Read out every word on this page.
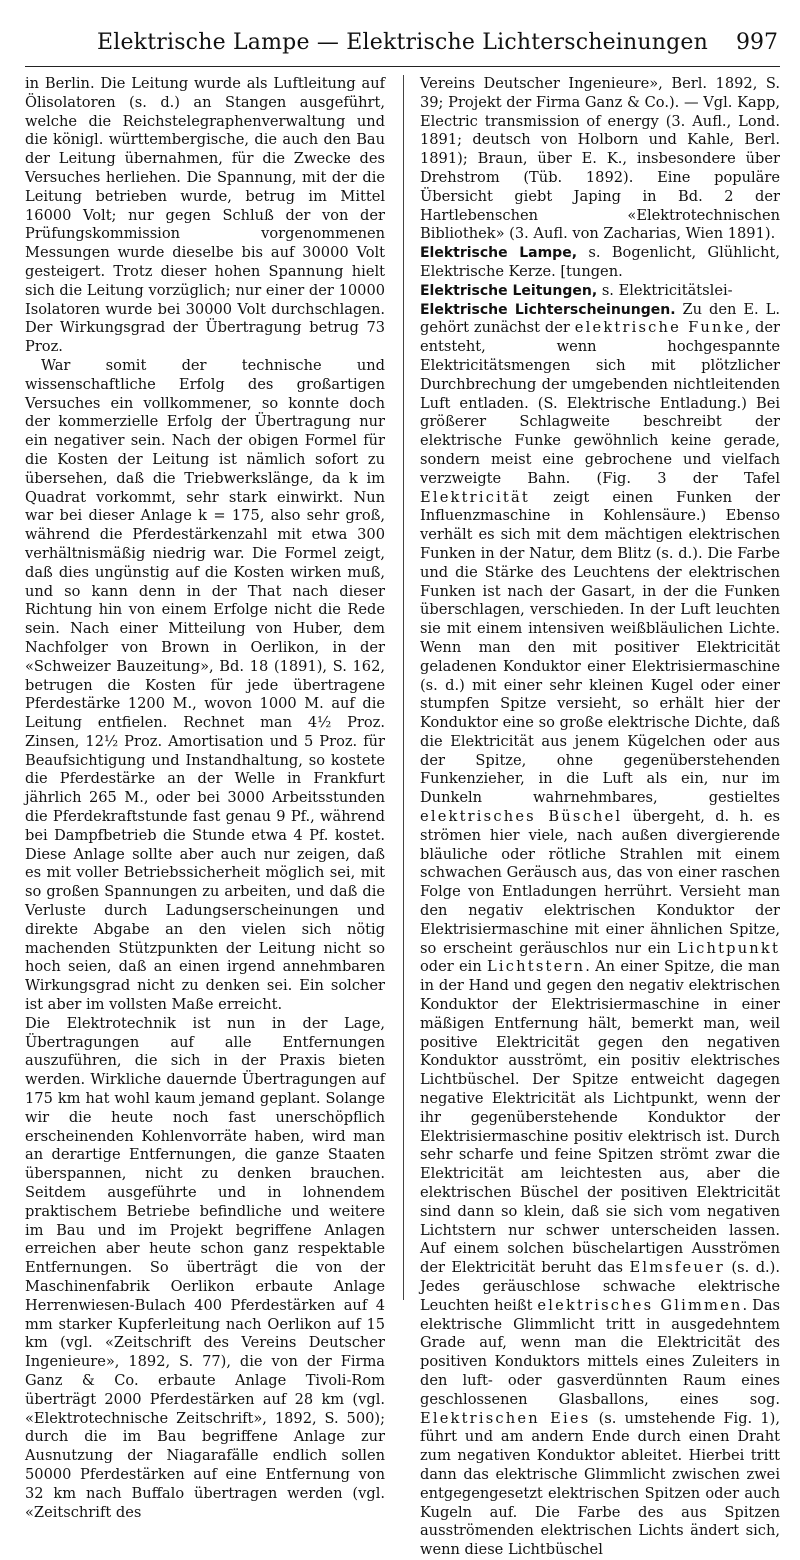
Elektrische Lampe — Elektrische Lichterscheinungen	997

in Berlin. Die Leitung wurde als Luftleitung auf Ölisolatoren (s. d.) an Stangen ausgeführt, welche die Reichstelegraphenverwaltung und die königl. württembergische, die auch den Bau der Leitung übernahmen, für die Zwecke des Versuches herliehen. Die Spannung, mit der die Leitung betrieben wurde, betrug im Mittel 16000 Volt; nur gegen Schluß der von der Prüfungskommission vorgenommenen Messungen wurde dieselbe bis auf 30000 Volt gesteigert. Trotz dieser hohen Spannung hielt sich die Leitung vorzüglich; nur einer der 10000 Isolatoren wurde bei 30000 Volt durchschlagen. Der Wirkungsgrad der Übertragung betrug 73 Proz.

War somit der technische und wissenschaftliche Erfolg des großartigen Versuches ein vollkommener, so konnte doch der kommerzielle Erfolg der Übertragung nur ein negativer sein. Nach der obigen Formel für die Kosten der Leitung ist nämlich sofort zu übersehen, daß die Triebwerkslänge, da k im Quadrat vorkommt, sehr stark einwirkt. Nun war bei dieser Anlage k = 175, also sehr groß, während die Pferdestärkenzahl mit etwa 300 verhältnismäßig niedrig war. Die Formel zeigt, daß dies ungünstig auf die Kosten wirken muß, und so kann denn in der That nach dieser Richtung hin von einem Erfolge nicht die Rede sein. Nach einer Mitteilung von Huber, dem Nachfolger von Brown in Oerlikon, in der «Schweizer Bauzeitung», Bd. 18 (1891), S. 162, betrugen die Kosten für jede übertragene Pferdestärke 1200 M., wovon 1000 M. auf die Leitung entfielen. Rechnet man 4½ Proz. Zinsen, 12½ Proz. Amortisation und 5 Proz. für Beaufsichtigung und Instandhaltung, so kostete die Pferdestärke an der Welle in Frankfurt jährlich 265 M., oder bei 3000 Arbeitsstunden die Pferdekraftstunde fast genau 9 Pf., während bei Dampfbetrieb die Stunde etwa 4 Pf. kostet. Diese Anlage sollte aber auch nur zeigen, daß es mit voller Betriebssicherheit möglich sei, mit so großen Spannungen zu arbeiten, und daß die Verluste durch Ladungserscheinungen und direkte Abgabe an den vielen sich nötig machenden Stützpunkten der Leitung nicht so hoch seien, daß an einen irgend annehmbaren Wirkungsgrad nicht zu denken sei. Ein solcher ist aber im vollsten Maße erreicht.

Die Elektrotechnik ist nun in der Lage, Übertragungen auf alle Entfernungen auszuführen, die sich in der Praxis bieten werden. Wirkliche dauernde Übertragungen auf 175 km hat wohl kaum jemand geplant. Solange wir die heute noch fast unerschöpflich erscheinenden Kohlenvorräte haben, wird man an derartige Entfernungen, die ganze Staaten überspannen, nicht zu denken brauchen. Seitdem ausgeführte und in lohnendem praktischem Betriebe befindliche und weitere im Bau und im Projekt begriffene Anlagen erreichen aber heute schon ganz respektable Entfernungen. So überträgt die von der Maschinenfabrik Oerlikon erbaute Anlage Herrenwiesen-Bulach 400 Pferdestärken auf 4 mm starker Kupferleitung nach Oerlikon auf 15 km (vgl. «Zeitschrift des Vereins Deutscher Ingenieure», 1892, S. 77), die von der Firma Ganz & Co. erbaute Anlage Tivoli-Rom überträgt 2000 Pferdestärken auf 28 km (vgl. «Elektrotechnische Zeitschrift», 1892, S. 500); durch die im Bau begriffene Anlage zur Ausnutzung der Niagarafälle endlich sollen 50000 Pferdestärken auf eine Entfernung von 32 km nach Buffalo übertragen werden (vgl. «Zeitschrift des

Vereins Deutscher Ingenieure», Berl. 1892, S. 39; Projekt der Firma Ganz & Co.). — Vgl. Kapp, Electric transmission of energy (3. Aufl., Lond. 1891; deutsch von Holborn und Kahle, Berl. 1891); Braun, über E. K., insbesondere über Drehstrom (Tüb. 1892). Eine populäre Übersicht giebt Japing in Bd. 2 der Hartlebenschen «Elektrotechnischen Bibliothek» (3. Aufl. von Zacharias, Wien 1891).

Elektrische Lampe, s. Bogenlicht, Glühlicht, Elektrische Kerze. [tungen.

Elektrische Leitungen, s. Elektricitätslei-

Elektrische Lichterscheinungen. Zu den E. L. gehört zunächst der elektrische Funke, der entsteht, wenn hochgespannte Elektricitätsmengen sich mit plötzlicher Durchbrechung der umgebenden nichtleitenden Luft entladen. (S. Elektrische Entladung.) Bei größerer Schlagweite beschreibt der elektrische Funke gewöhnlich keine gerade, sondern meist eine gebrochene und vielfach verzweigte Bahn. (Fig. 3 der Tafel Elektricität zeigt einen Funken der Influenzmaschine in Kohlensäure.) Ebenso verhält es sich mit dem mächtigen elektrischen Funken in der Natur, dem Blitz (s. d.). Die Farbe und die Stärke des Leuchtens der elektrischen Funken ist nach der Gasart, in der die Funken überschlagen, verschieden. In der Luft leuchten sie mit einem intensiven weißbläulichen Lichte. Wenn man den mit positiver Elektricität geladenen Konduktor einer Elektrisiermaschine (s. d.) mit einer sehr kleinen Kugel oder einer stumpfen Spitze versieht, so erhält hier der Konduktor eine so große elektrische Dichte, daß die Elektricität aus jenem Kügelchen oder aus der Spitze, ohne gegenüberstehenden Funkenzieher, in die Luft als ein, nur im Dunkeln wahrnehmbares, gestieltes elektrisches Büschel übergeht, d. h. es strömen hier viele, nach außen divergierende bläuliche oder rötliche Strahlen mit einem schwachen Geräusch aus, das von einer raschen Folge von Entladungen herrührt. Versieht man den negativ elektrischen Konduktor der Elektrisiermaschine mit einer ähnlichen Spitze, so erscheint geräuschlos nur ein Lichtpunkt oder ein Lichtstern. An einer Spitze, die man in der Hand und gegen den negativ elektrischen Konduktor der Elektrisiermaschine in einer mäßigen Entfernung hält, bemerkt man, weil positive Elektricität gegen den negativen Konduktor ausströmt, ein positiv elektrisches Lichtbüschel. Der Spitze entweicht dagegen negative Elektricität als Lichtpunkt, wenn der ihr gegenüberstehende Konduktor der Elektrisiermaschine positiv elektrisch ist. Durch sehr scharfe und feine Spitzen strömt zwar die Elektricität am leichtesten aus, aber die elektrischen Büschel der positiven Elektricität sind dann so klein, daß sie sich vom negativen Lichtstern nur schwer unterscheiden lassen. Auf einem solchen büschelartigen Ausströmen der Elektricität beruht das Elmsfeuer (s. d.). Jedes geräuschlose schwache elektrische Leuchten heißt elektrisches Glimmen. Das elektrische Glimmlicht tritt in ausgedehntem Grade auf, wenn man die Elektricität des positiven Konduktors mittels eines Zuleiters in den luft- oder gasverdünnten Raum eines geschlossenen Glasballons, eines sog. Elektrischen Eies (s. umstehende Fig. 1), führt und am andern Ende durch einen Draht zum negativen Konduktor ableitet. Hierbei tritt dann das elektrische Glimmlicht zwischen zwei entgegengesetzt elektrischen Spitzen oder auch Kugeln auf. Die Farbe des aus Spitzen ausströmenden elektrischen Lichts ändert sich, wenn diese Lichtbüschel
